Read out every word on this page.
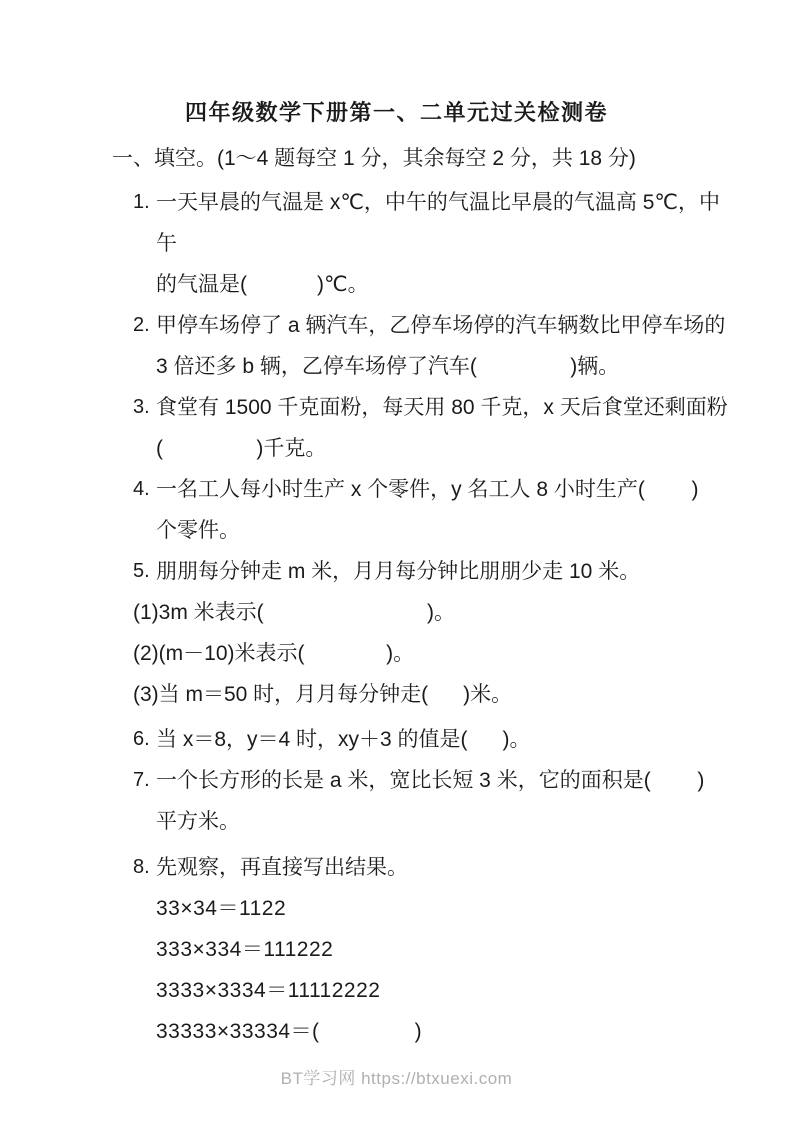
四年级数学下册第一、二单元过关检测卷
一、填空。(1～4 题每空 1 分，其余每空 2 分，共 18 分)
1. 一天早晨的气温是 x℃，中午的气温比早晨的气温高 5℃，中午
的气温是(            )℃。
2. 甲停车场停了 a 辆汽车，乙停车场停的汽车辆数比甲停车场的
3 倍还多 b 辆，乙停车场停了汽车(                )辆。
3. 食堂有 1500 千克面粉，每天用 80 千克，x 天后食堂还剩面粉
(                )千克。
4. 一名工人每小时生产 x 个零件，y 名工人 8 小时生产(        )
个零件。
5. 朋朋每分钟走 m 米，月月每分钟比朋朋少走 10 米。
(1)3m 米表示(                            )。
(2)(m－10)米表示(              )。
(3)当 m＝50 时，月月每分钟走(      )米。
6. 当 x＝8，y＝4 时，xy＋3 的值是(      )。
7. 一个长方形的长是 a 米，宽比长短 3 米，它的面积是(        )
平方米。
8. 先观察，再直接写出结果。
33×34＝1122
333×334＝111222
3333×3334＝11112222
33333×33334＝(               )
BT学习网 https://btxuexi.com
